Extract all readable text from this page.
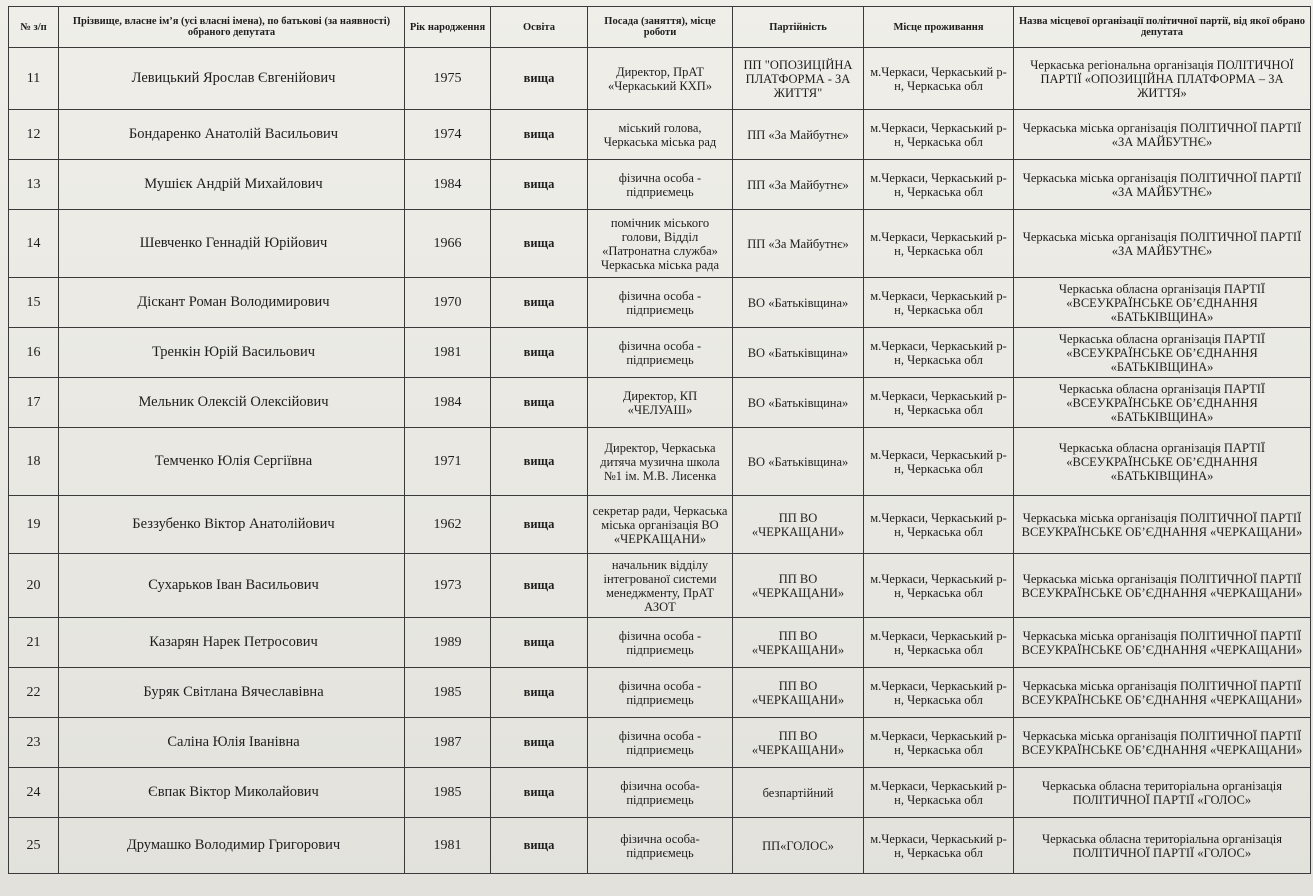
№ з/п	Прізвище, власне ім’я (усі власні імена), по батькові (за наявності) обраного депутата	Рік народження	Освіта	Посада (заняття), місце роботи	Партійність	Місце проживання	Назва місцевої організації політичної партії, від якої обрано депутата
11	Левицький Ярослав Євгенійович	1975	вища	Директор, ПрАТ «Черкаський КХП»	ПП "ОПОЗИЦІЙНА ПЛАТФОРМА - ЗА ЖИТТЯ"	м.Черкаси, Черкаський р-н, Черкаська обл	Черкаська регіональна організація ПОЛІТИЧНОЇ ПАРТІЇ «ОПОЗИЦІЙНА ПЛАТФОРМА – ЗА ЖИТТЯ»
12	Бондаренко Анатолій Васильович	1974	вища	міський голова, Черкаська міська рад	ПП «За Майбутнє»	м.Черкаси, Черкаський р-н, Черкаська обл	Черкаська міська організація ПОЛІТИЧНОЇ ПАРТІЇ «ЗА МАЙБУТНЄ»
13	Мушієк Андрій Михайлович	1984	вища	фізична особа - підприємець	ПП «За Майбутнє»	м.Черкаси, Черкаський р-н, Черкаська обл	Черкаська міська організація ПОЛІТИЧНОЇ ПАРТІЇ «ЗА МАЙБУТНЄ»
14	Шевченко Геннадій Юрійович	1966	вища	помічник міського голови, Відділ «Патронатна служба» Черкаська міська рада	ПП «За Майбутнє»	м.Черкаси, Черкаський р-н, Черкаська обл	Черкаська міська організація ПОЛІТИЧНОЇ ПАРТІЇ «ЗА МАЙБУТНЄ»
15	Діскант Роман Володимирович	1970	вища	фізична особа - підприємець	ВО «Батьківщина»	м.Черкаси, Черкаський р-н, Черкаська обл	Черкаська обласна організація ПАРТІЇ «ВСЕУКРАЇНСЬКЕ ОБ’ЄДНАННЯ «БАТЬКІВЩИНА»
16	Тренкін Юрій Васильович	1981	вища	фізична особа - підприємець	ВО «Батьківщина»	м.Черкаси, Черкаський р-н, Черкаська обл	Черкаська обласна організація ПАРТІЇ «ВСЕУКРАЇНСЬКЕ ОБ’ЄДНАННЯ «БАТЬКІВЩИНА»
17	Мельник Олексій Олексійович	1984	вища	Директор, КП «ЧЕЛУАШ»	ВО «Батьківщина»	м.Черкаси, Черкаський р-н, Черкаська обл	Черкаська обласна організація ПАРТІЇ «ВСЕУКРАЇНСЬКЕ ОБ’ЄДНАННЯ «БАТЬКІВЩИНА»
18	Темченко Юлія Сергіївна	1971	вища	Директор, Черкаська дитяча музична школа №1 ім. М.В. Лисенка	ВО «Батьківщина»	м.Черкаси, Черкаський р-н, Черкаська обл	Черкаська обласна організація ПАРТІЇ «ВСЕУКРАЇНСЬКЕ ОБ’ЄДНАННЯ «БАТЬКІВЩИНА»
19	Беззубенко Віктор Анатолійович	1962	вища	секретар ради, Черкаська міська організація ВО «ЧЕРКАЩАНИ»	ПП ВО «ЧЕРКАЩАНИ»	м.Черкаси, Черкаський р-н, Черкаська обл	Черкаська міська організація ПОЛІТИЧНОЇ ПАРТІЇ ВСЕУКРАЇНСЬКЕ ОБ’ЄДНАННЯ «ЧЕРКАЩАНИ»
20	Сухарьков Іван Васильович	1973	вища	начальник відділу інтегрованої системи менеджменту, ПрАТ АЗОТ	ПП ВО «ЧЕРКАЩАНИ»	м.Черкаси, Черкаський р-н, Черкаська обл	Черкаська міська організація ПОЛІТИЧНОЇ ПАРТІЇ ВСЕУКРАЇНСЬКЕ ОБ’ЄДНАННЯ «ЧЕРКАЩАНИ»
21	Казарян Нарек Петросович	1989	вища	фізична особа - підприємець	ПП ВО «ЧЕРКАЩАНИ»	м.Черкаси, Черкаський р-н, Черкаська обл	Черкаська міська організація ПОЛІТИЧНОЇ ПАРТІЇ ВСЕУКРАЇНСЬКЕ ОБ’ЄДНАННЯ «ЧЕРКАЩАНИ»
22	Буряк Світлана Вячеславівна	1985	вища	фізична особа - підприємець	ПП ВО «ЧЕРКАЩАНИ»	м.Черкаси, Черкаський р-н, Черкаська обл	Черкаська міська організація ПОЛІТИЧНОЇ ПАРТІЇ ВСЕУКРАЇНСЬКЕ ОБ’ЄДНАННЯ «ЧЕРКАЩАНИ»
23	Саліна Юлія Іванівна	1987	вища	фізична особа - підприємець	ПП ВО «ЧЕРКАЩАНИ»	м.Черкаси, Черкаський р-н, Черкаська обл	Черкаська міська організація ПОЛІТИЧНОЇ ПАРТІЇ ВСЕУКРАЇНСЬКЕ ОБ’ЄДНАННЯ «ЧЕРКАЩАНИ»
24	Євпак Віктор Миколайович	1985	вища	фізична особа- підприємець	безпартійний	м.Черкаси, Черкаський р-н, Черкаська обл	Черкаська обласна територіальна організація ПОЛІТИЧНОЇ ПАРТІЇ «ГОЛОС»
25	Друмашко Володимир Григорович	1981	вища	фізична особа- підприємець	ПП«ГОЛОС»	м.Черкаси, Черкаський р-н, Черкаська обл	Черкаська обласна територіальна організація ПОЛІТИЧНОЇ ПАРТІЇ «ГОЛОС»
